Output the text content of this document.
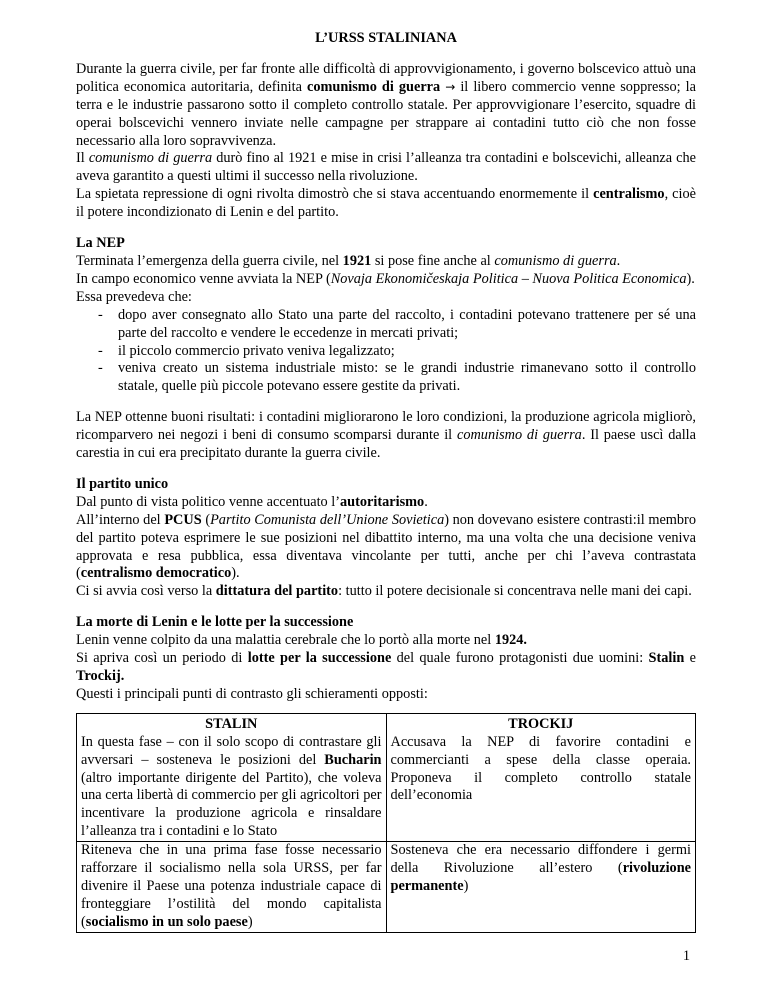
L’URSS STALINIANA

Durante la guerra civile, per far fronte alle difficoltà di approvvigionamento, i governo bolscevico attuò una politica economica autoritaria, definita comunismo di guerra → il libero commercio venne soppresso; la terra e le industrie passarono sotto il completo controllo statale. Per approvvigionare l’esercito, squadre di operai bolscevichi vennero inviate nelle campagne per strappare ai contadini tutto ciò che non fosse necessario alla loro sopravvivenza.

Il comunismo di guerra durò fino al 1921 e mise in crisi l’alleanza tra contadini e bolscevichi, alleanza che aveva garantito a questi ultimi il successo nella rivoluzione.

La spietata repressione di ogni rivolta dimostrò che si stava accentuando enormemente il centralismo, cioè il potere incondizionato di Lenin e del partito.

La NEP

Terminata l’emergenza della guerra civile, nel 1921 si pose fine anche al comunismo di guerra.

In campo economico venne avviata la NEP (Novaja Ekonomičeskaja Politica – Nuova Politica Economica).

Essa prevedeva che:

- dopo aver consegnato allo Stato una parte del raccolto, i contadini potevano trattenere per sé una parte del raccolto e vendere le eccedenze in mercati privati;
- il piccolo commercio privato veniva legalizzato;
- veniva creato un sistema industriale misto: se le grandi industrie rimanevano sotto il controllo statale, quelle più piccole potevano essere gestite da privati.

La NEP ottenne buoni risultati: i contadini migliorarono le loro condizioni, la produzione agricola migliorò, ricomparvero nei negozi i beni di consumo scomparsi durante il comunismo di guerra. Il paese uscì dalla carestia in cui era precipitato durante la guerra civile.

Il partito unico

Dal punto di vista politico venne accentuato l’autoritarismo.

All’interno del PCUS (Partito Comunista dell’Unione Sovietica) non dovevano esistere contrasti:il membro del partito poteva esprimere le sue posizioni nel dibattito interno, ma una volta che una decisione veniva approvata e resa pubblica, essa diventava vincolante per tutti, anche per chi l’aveva contrastata (centralismo democratico).

Ci si avvia così verso la dittatura del partito: tutto il potere decisionale si concentrava nelle mani dei capi.

La morte di Lenin e le lotte per la successione

Lenin venne colpito da una malattia cerebrale che lo portò alla morte nel 1924.

Si apriva così un periodo di lotte per la successione del quale furono protagonisti due uomini: Stalin e Trockij.

Questi i principali punti di contrasto gli schieramenti opposti:

STALIN	TROCKIJ
In questa fase – con il solo scopo di contrastare gli avversari – sosteneva le posizioni del Bucharin (altro importante dirigente del Partito), che voleva una certa libertà di commercio per gli agricoltori per incentivare la produzione agricola e rinsaldare l’alleanza tra i contadini e lo Stato	Accusava la NEP di favorire contadini e commercianti a spese della classe operaia. Proponeva il completo controllo statale dell’economia
Riteneva che in una prima fase fosse necessario rafforzare il socialismo nella sola URSS, per far divenire il Paese una potenza industriale capace di fronteggiare l’ostilità del mondo capitalista (socialismo in un solo paese)	Sosteneva che era necessario diffondere i germi della Rivoluzione all’estero (rivoluzione permanente)
1
